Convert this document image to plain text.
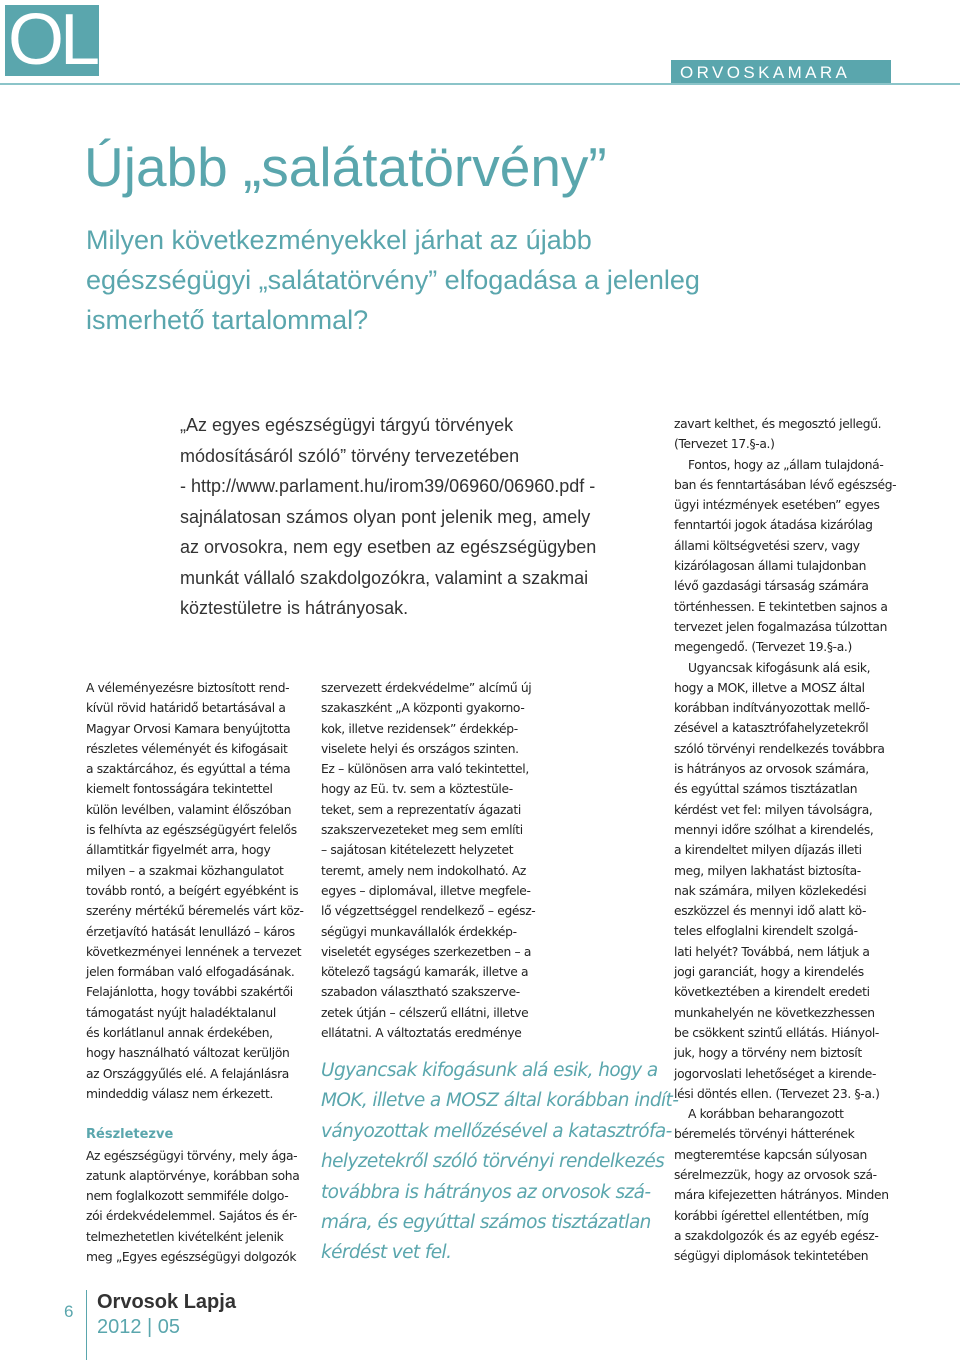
OL	ORVOSKAMARA
Újabb „salátatörvény”

Milyen következményekkel járhat az újabb egészségügyi „salátatörvény” elfogadása a jelenleg ismerhető tartalommal?

„Az egyes egészségügyi tárgyú törvények
módosításáról szóló” törvény tervezetében
- http://www.parlament.hu/irom39/06960/06960.pdf -
sajnálatosan számos olyan pont jelenik meg, amely
az orvosokra, nem egy esetben az egészségügyben
munkát vállaló szakdolgozókra, valamint a szakmai
köztestületre is hátrányosak.
A véleményezésre biztosított rend-
kívül rövid határidő betartásával a
Magyar Orvosi Kamara benyújtotta
részletes véleményét és kifogásait
a szaktárcához, és egyúttal a téma
kiemelt fontosságára tekintettel
külön levélben, valamint élőszóban
is felhívta az egészségügyért felelős
államtitkár figyelmét arra, hogy
milyen – a szakmai közhangulatot
tovább rontó, a beígért egyébként is
szerény mértékű béremelés várt köz-
érzetjavító hatását lenullázó – káros
következményei lennének a tervezet
jelen formában való elfogadásának.
Felajánlotta, hogy további szakértői
támogatást nyújt haladéktalanul
és korlátlanul annak érdekében,
hogy használható változat kerüljön
az Országgyűlés elé. A felajánlásra
mindeddig válasz nem érkezett.
Részletezve
Az egészségügyi törvény, mely ága-
zatunk alaptörvénye, korábban soha
nem foglalkozott semmiféle dolgo-
zói érdekvédelemmel. Sajátos és ér-
telmezhetetlen kivételként jelenik
meg „Egyes egészségügyi dolgozók
szervezett érdekvédelme” alcímű új
szakaszként „A központi gyakorno-
kok, illetve rezidensek” érdekkép-
viselete helyi és országos szinten.
Ez – különösen arra való tekintettel,
hogy az Eü. tv. sem a köztestüle-
teket, sem a reprezentatív ágazati
szakszervezeteket meg sem említi
– sajátosan kitételezett helyzetet
teremt, amely nem indokolható. Az
egyes – diplomával, illetve megfele-
lő végzettséggel rendelkező – egész-
ségügyi munkavállalók érdekkép-
viseletét egységes szerkezetben – a
kötelező tagságú kamarák, illetve a
szabadon választható szakszerve-
zetek útján – célszerű ellátni, illetve
ellátatni. A változtatás eredménye
Ugyancsak kifogásunk alá esik, hogy a
MOK, illetve a MOSZ által korábban indít-
ványozottak mellőzésével a katasztrófa-
helyzetekről szóló törvényi rendelkezés
továbbra is hátrányos az orvosok szá-
mára, és egyúttal számos tisztázatlan
kérdést vet fel.
zavart kelthet, és megosztó jellegű.
(Tervezet 17.§-a.)
Fontos, hogy az „állam tulajdoná-
ban és fenntartásában lévő egészség-
ügyi intézmények esetében” egyes
fenntartói jogok átadása kizárólag
állami költségvetési szerv, vagy
kizárólagosan állami tulajdonban
lévő gazdasági társaság számára
történhessen. E tekintetben sajnos a
tervezet jelen fogalmazása túlzottan
megengedő. (Tervezet 19.§-a.)
Ugyancsak kifogásunk alá esik,
hogy a MOK, illetve a MOSZ által
korábban indítványozottak mellő-
zésével a katasztrófahelyzetekről
szóló törvényi rendelkezés továbbra
is hátrányos az orvosok számára,
és egyúttal számos tisztázatlan
kérdést vet fel: milyen távolságra,
mennyi időre szólhat a kirendelés,
a kirendeltet milyen díjazás illeti
meg, milyen lakhatást biztosíta-
nak számára, milyen közlekedési
eszközzel és mennyi idő alatt kö-
teles elfoglalni kirendelt szolgá-
lati helyét? Továbbá, nem látjuk a
jogi garanciát, hogy a kirendelés
következtében a kirendelt eredeti
munkahelyén ne következzhessen
be csökkent szintű ellátás. Hiányol-
juk, hogy a törvény nem biztosít
jogorvoslati lehetőséget a kirende-
lési döntés ellen. (Tervezet 23. §-a.)
A korábban beharangozott
béremelés törvényi hátterének
megteremtése kapcsán súlyosan
sérelmezzük, hogy az orvosok szá-
mára kifejezetten hátrányos. Minden
korábbi ígérettel ellentétben, míg
a szakdolgozók és az egyéb egész-
ségügyi diplomások tekintetében
6 Orvosok Lapja
2012 | 05
